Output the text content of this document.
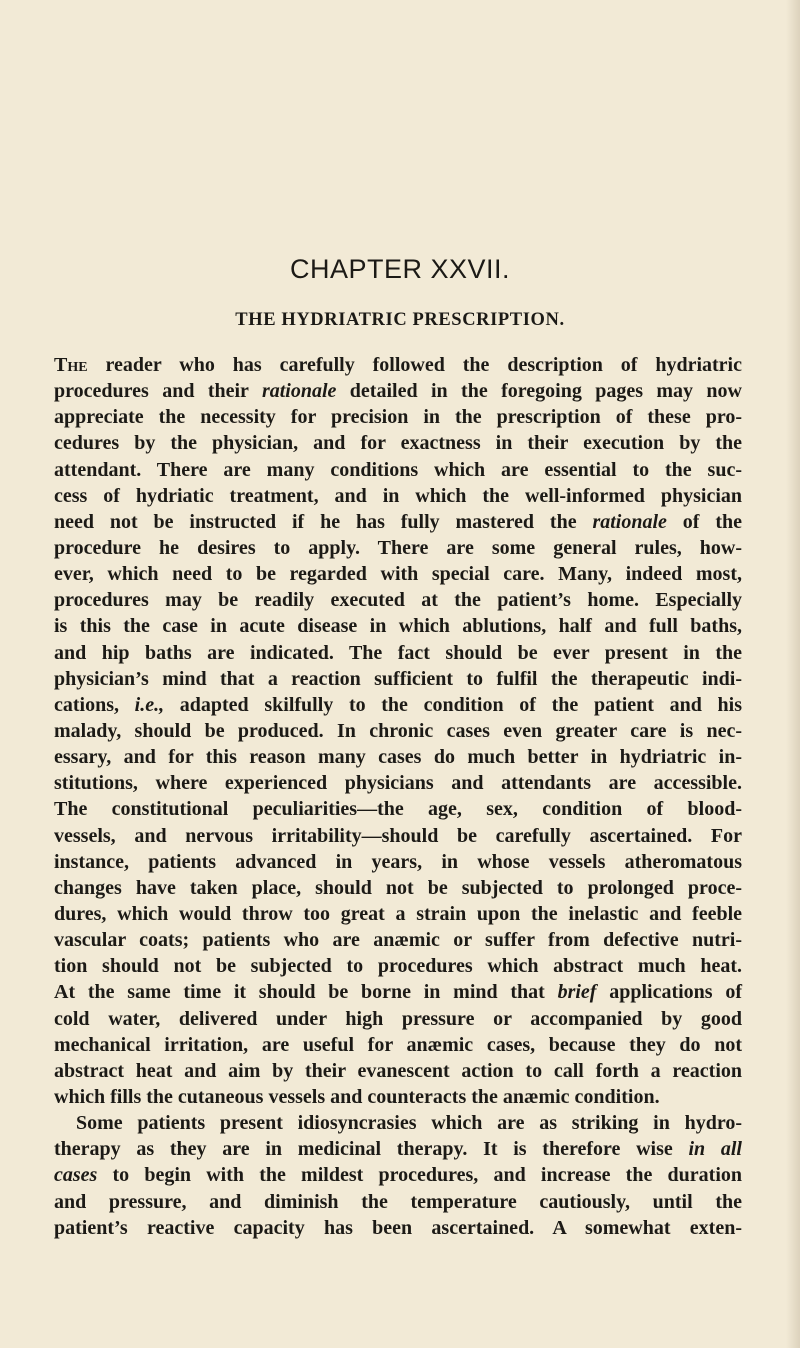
CHAPTER XXVII.
THE HYDRIATRIC PRESCRIPTION.
The reader who has carefully followed the description of hydriatric
procedures and their rationale detailed in the foregoing pages may now
appreciate the necessity for precision in the prescription of these pro-
cedures by the physician, and for exactness in their execution by the
attendant. There are many conditions which are essential to the suc-
cess of hydriatic treatment, and in which the well-informed physician
need not be instructed if he has fully mastered the rationale of the
procedure he desires to apply. There are some general rules, how-
ever, which need to be regarded with special care. Many, indeed most,
procedures may be readily executed at the patient’s home. Especially
is this the case in acute disease in which ablutions, half and full baths,
and hip baths are indicated. The fact should be ever present in the
physician’s mind that a reaction sufficient to fulfil the therapeutic indi-
cations, i.e., adapted skilfully to the condition of the patient and his
malady, should be produced. In chronic cases even greater care is nec-
essary, and for this reason many cases do much better in hydriatric in-
stitutions, where experienced physicians and attendants are accessible.
The constitutional peculiarities—the age, sex, condition of blood-
vessels, and nervous irritability—should be carefully ascertained. For
instance, patients advanced in years, in whose vessels atheromatous
changes have taken place, should not be subjected to prolonged proce-
dures, which would throw too great a strain upon the inelastic and feeble
vascular coats; patients who are anæmic or suffer from defective nutri-
tion should not be subjected to procedures which abstract much heat.
At the same time it should be borne in mind that brief applications of
cold water, delivered under high pressure or accompanied by good
mechanical irritation, are useful for anæmic cases, because they do not
abstract heat and aim by their evanescent action to call forth a reaction
which fills the cutaneous vessels and counteracts the anæmic condition.
Some patients present idiosyncrasies which are as striking in hydro-
therapy as they are in medicinal therapy. It is therefore wise in all
cases to begin with the mildest procedures, and increase the duration
and pressure, and diminish the temperature cautiously, until the
patient’s reactive capacity has been ascertained. A somewhat exten-
